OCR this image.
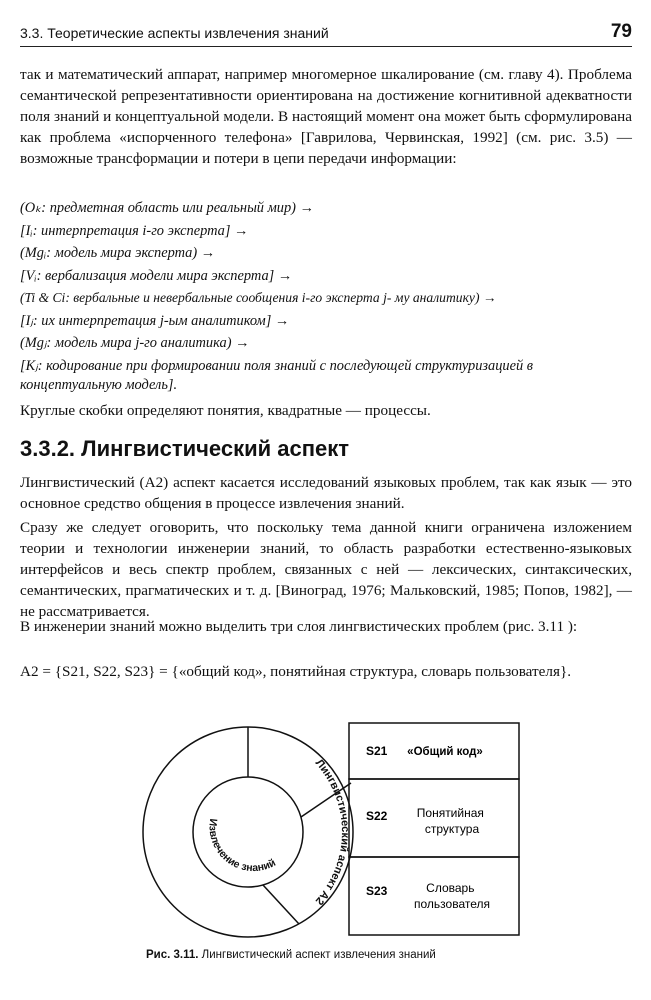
3.3. Теоретические аспекты извлечения знаний	79

так и математический аппарат, например многомерное шкалирование (см. главу 4). Проблема семантической репрезентативности ориентирована на достижение когнитивной адекватности поля знаний и концептуальной модели. В настоящий момент она может быть сформулирована как проблема «испорченного телефона» [Гаврилова, Червинская, 1992] (см. рис. 3.5) — возможные трансформации и потери в цепи передачи информации:

(Oₖ: предметная область или реальный мир) →
[Iᵢ: интерпретация i-го эксперта] →
(Mgᵢ: модель мира эксперта) →
[Vᵢ: вербализация модели мира эксперта] →
(Ti & Ci: вербальные и невербальные сообщения i-го эксперта j- му аналитику) →
[Iⱼ: их интерпретация j-ым аналитиком] →
(Mgⱼ: модель мира j-го аналитика) →
[Kⱼ: кодирование при формировании поля знаний с последующей структуризацией в концептуальную модель].

Круглые скобки определяют понятия, квадратные — процессы.

3.3.2. Лингвистический аспект

Лингвистический (А2) аспект касается исследований языковых проблем, так как язык — это основное средство общения в процессе извлечения знаний.

Сразу же следует оговорить, что поскольку тема данной книги ограничена изложением теории и технологии инженерии знаний, то область разработки естественно-языковых интерфейсов и весь спектр проблем, связанных с ней — лексических, синтаксических, семантических, прагматических и т. д. [Виноград, 1976; Мальковский, 1985; Попов, 1982], — не рассматривается.

В инженерии знаний можно выделить три слоя лингвистических проблем (рис. 3.11 ):

А2 = {S21, S22, S23} = {«общий код», понятийная структура, словарь пользователя}.

Лингвистический аспект А2
Извлечение знаний
S21 «Общий код»
S22 Понятийная структура
S23	Словарь пользователя
Рис. 3.11. Лингвистический аспект извлечения знаний
